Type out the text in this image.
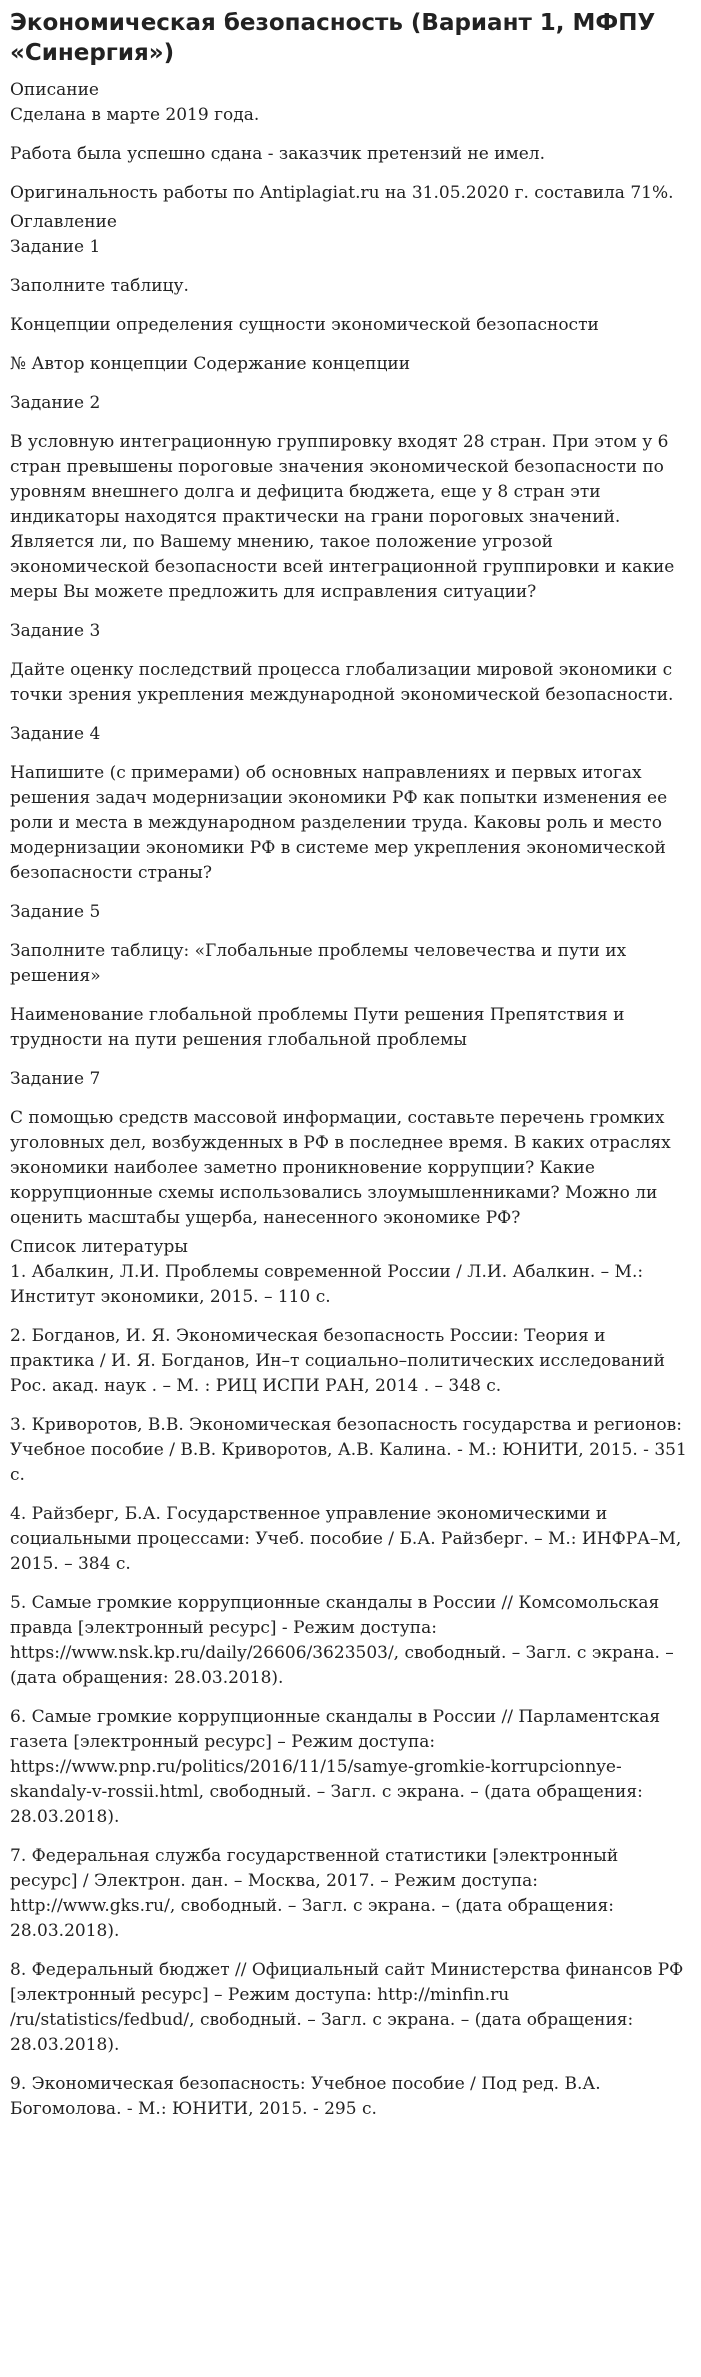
Экономическая безопасность (Вариант 1, МФПУ «Синергия»)
Описание
Сделана в марте 2019 года.
Работа была успешно сдана - заказчик претензий не имел.
Оригинальность работы по Antiplagiat.ru на 31.05.2020 г. составила 71%.
Оглавление
Задание 1
Заполните таблицу.
Концепции определения сущности экономической безопасности
№ Автор концепции Содержание концепции
Задание 2
В условную интеграционную группировку входят 28 стран. При этом у 6 стран превышены пороговые значения экономической безопасности по уровням внешнего долга и дефицита бюджета, еще у 8 стран эти индикаторы находятся практически на грани пороговых значений. Является ли, по Вашему мнению, такое положение угрозой экономической безопасности всей интеграционной группировки и какие меры Вы можете предложить для исправления ситуации?
Задание 3
Дайте оценку последствий процесса глобализации мировой экономики с точки зрения укрепления международной экономической безопасности.
Задание 4
Напишите (с примерами) об основных направлениях и первых итогах решения задач модернизации экономики РФ как попытки изменения ее роли и места в международном разделении труда. Каковы роль и место модернизации экономики РФ в системе мер укрепления экономической безопасности страны?
Задание 5
Заполните таблицу: «Глобальные проблемы человечества и пути их решения»
Наименование глобальной проблемы Пути решения Препятствия и трудности на пути решения глобальной проблемы
Задание 7
С помощью средств массовой информации, составьте перечень громких уголовных дел, возбужденных в РФ в последнее время. В каких отраслях экономики наиболее заметно проникновение коррупции? Какие коррупционные схемы использовались злоумышленниками? Можно ли оценить масштабы ущерба, нанесенного экономике РФ?
Список литературы
1. Абалкин, Л.И. Проблемы современной России / Л.И. Абалкин. – М.: Институт экономики, 2015. – 110 с.
2. Богданов, И. Я. Экономическая безопасность России: Теория и практика / И. Я. Богданов, Ин–т социально–политических исследований Рос. акад. наук . – М. : РИЦ ИСПИ РАН, 2014 . – 348 с.
3. Криворотов, В.В. Экономическая безопасность государства и регионов: Учебное пособие / В.В. Криворотов, А.В. Калина. - М.: ЮНИТИ, 2015. - 351 с.
4. Райзберг, Б.А. Государственное управление экономическими и социальными процессами: Учеб. пособие / Б.А. Райзберг. – М.: ИНФРА–М, 2015. – 384 с.
5. Самые громкие коррупционные скандалы в России // Комсомольская правда [электронный ресурс] - Режим доступа: https://www.nsk.kp.ru/daily/26606/3623503/, свободный. – Загл. с экрана. – (дата обращения: 28.03.2018).
6. Самые громкие коррупционные скандалы в России // Парламентская газета [электронный ресурс] – Режим доступа: https://www.pnp.ru/politics/2016/11/15/samye-gromkie-korrupcionnye-skandaly-v-rossii.html, свободный. – Загл. с экрана. – (дата обращения: 28.03.2018).
7. Федеральная служба государственной статистики [электронный ресурс] / Электрон. дан. – Москва, 2017. – Режим доступа: http://www.gks.ru/, свободный. – Загл. с экрана. – (дата обращения: 28.03.2018).
8. Федеральный бюджет // Официальный сайт Министерства финансов РФ [электронный ресурс] – Режим доступа: http://minfin.ru /ru/statistics/fedbud/, свободный. – Загл. с экрана. – (дата обращения: 28.03.2018).
9. Экономическая безопасность: Учебное пособие / Под ред. В.А. Богомолова. - М.: ЮНИТИ, 2015. - 295 с.
